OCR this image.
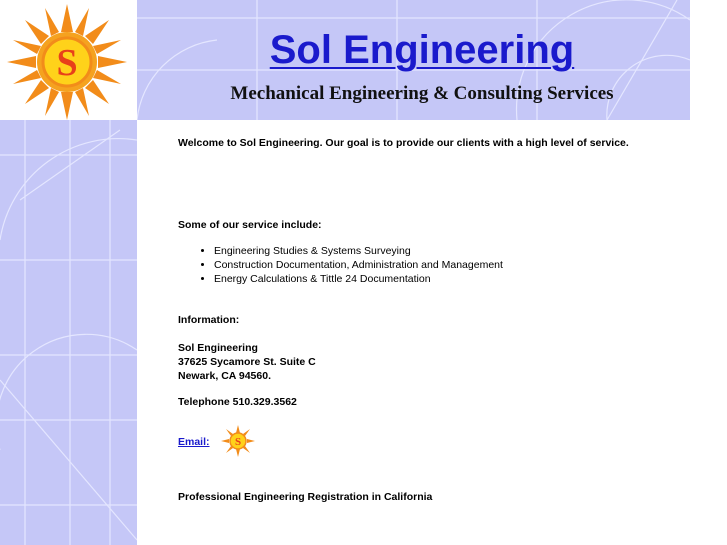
S	Sol Engineering
Mechanical Engineering & Consulting Services
Welcome to Sol Engineering. Our goal is to provide our clients with a high level of service.
Some of our service include:
• Engineering Studies & Systems Surveying
• Construction Documentation, Administration and Management
• Energy Calculations & Tittle 24 Documentation
Information:
Sol Engineering
37625 Sycamore St. Suite C
Newark, CA 94560.
Telephone 510.329.3562
Email: S
Professional Engineering Registration in California
